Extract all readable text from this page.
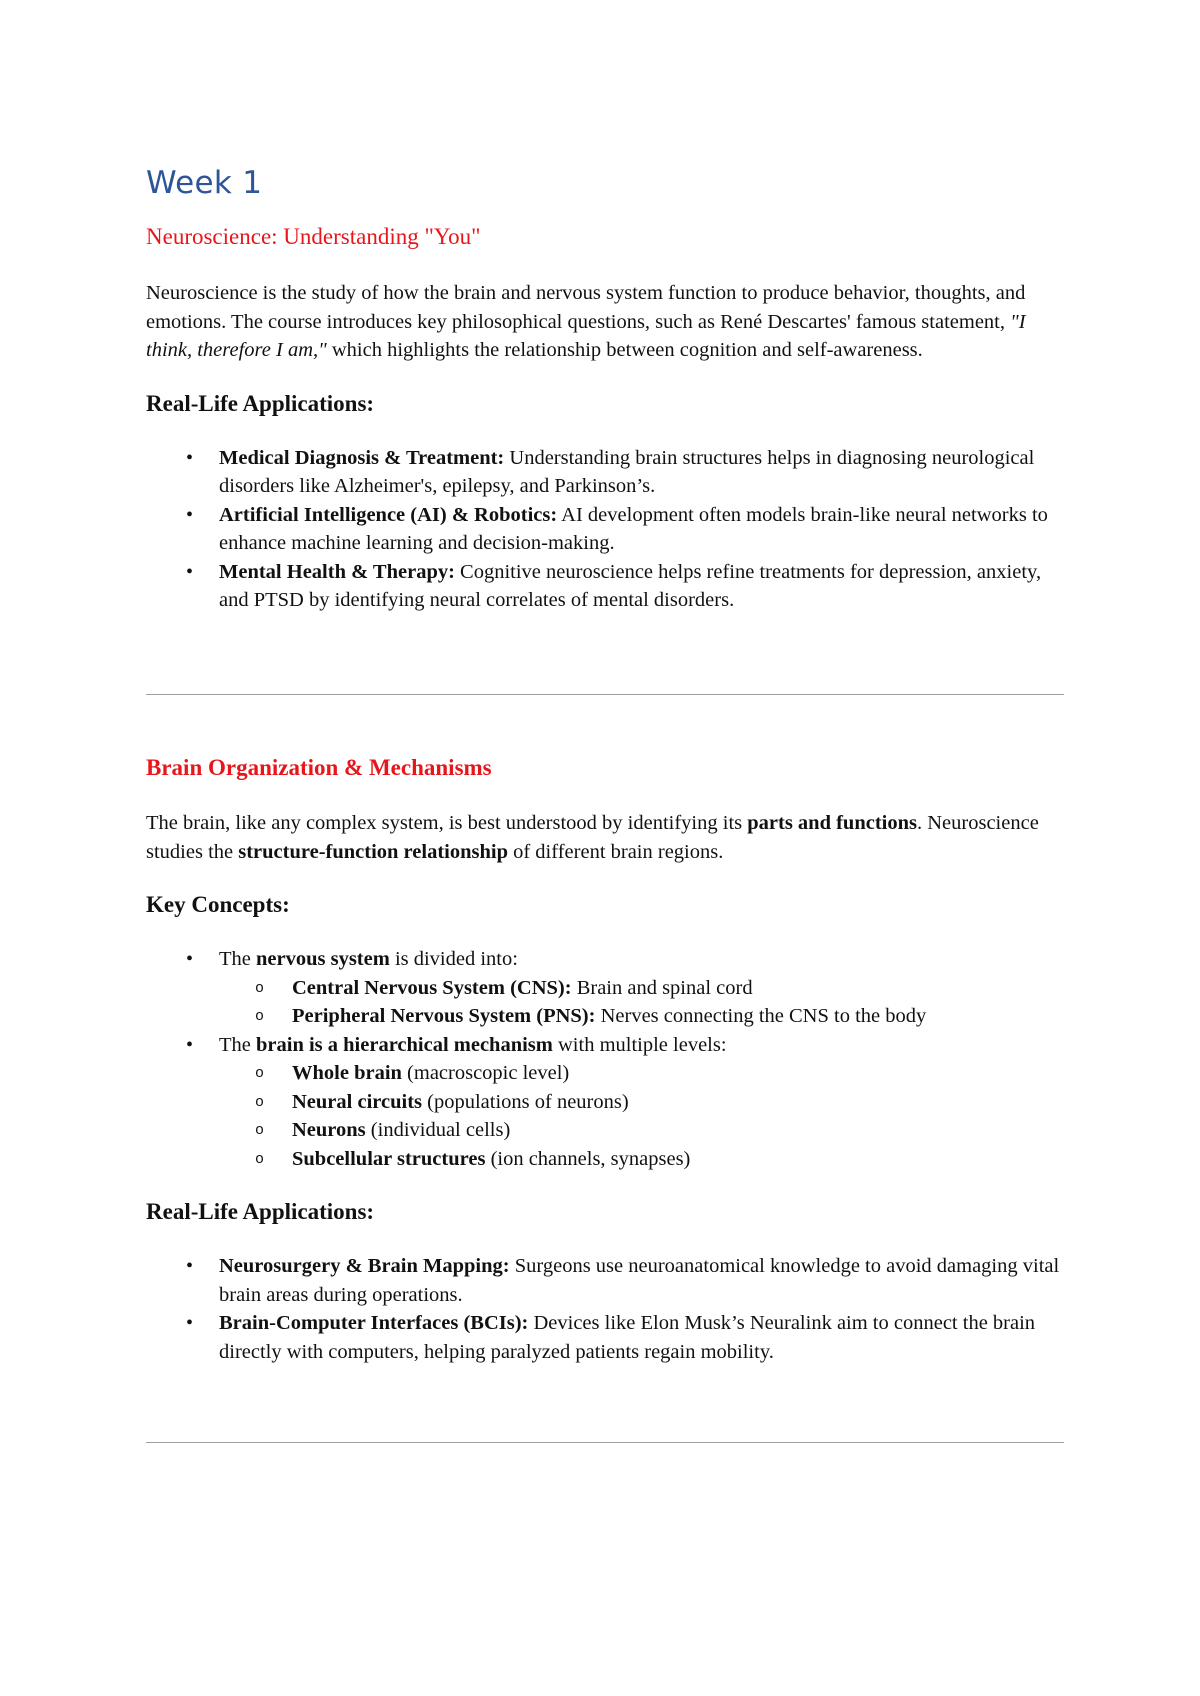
Week 1
Neuroscience: Understanding "You"

Neuroscience is the study of how the brain and nervous system function to produce behavior, thoughts, and emotions. The course introduces key philosophical questions, such as René Descartes' famous statement, "I think, therefore I am," which highlights the relationship between cognition and self-awareness.

Real-Life Applications:
• Medical Diagnosis & Treatment: Understanding brain structures helps in diagnosing neurological disorders like Alzheimer's, epilepsy, and Parkinson’s.
• Artificial Intelligence (AI) & Robotics: AI development often models brain-like neural networks to enhance machine learning and decision-making.
• Mental Health & Therapy: Cognitive neuroscience helps refine treatments for depression, anxiety, and PTSD by identifying neural correlates of mental disorders.
Brain Organization & Mechanisms

The brain, like any complex system, is best understood by identifying its parts and functions. Neuroscience studies the structure-function relationship of different brain regions.

Key Concepts:
• The nervous system is divided into:
o Central Nervous System (CNS): Brain and spinal cord
o Peripheral Nervous System (PNS): Nerves connecting the CNS to the body
• The brain is a hierarchical mechanism with multiple levels:
o Whole brain (macroscopic level)
o Neural circuits (populations of neurons)
o Neurons (individual cells)
o Subcellular structures (ion channels, synapses)
Real-Life Applications:
• Neurosurgery & Brain Mapping: Surgeons use neuroanatomical knowledge to avoid damaging vital brain areas during operations.
• Brain-Computer Interfaces (BCIs): Devices like Elon Musk’s Neuralink aim to connect the brain directly with computers, helping paralyzed patients regain mobility.
